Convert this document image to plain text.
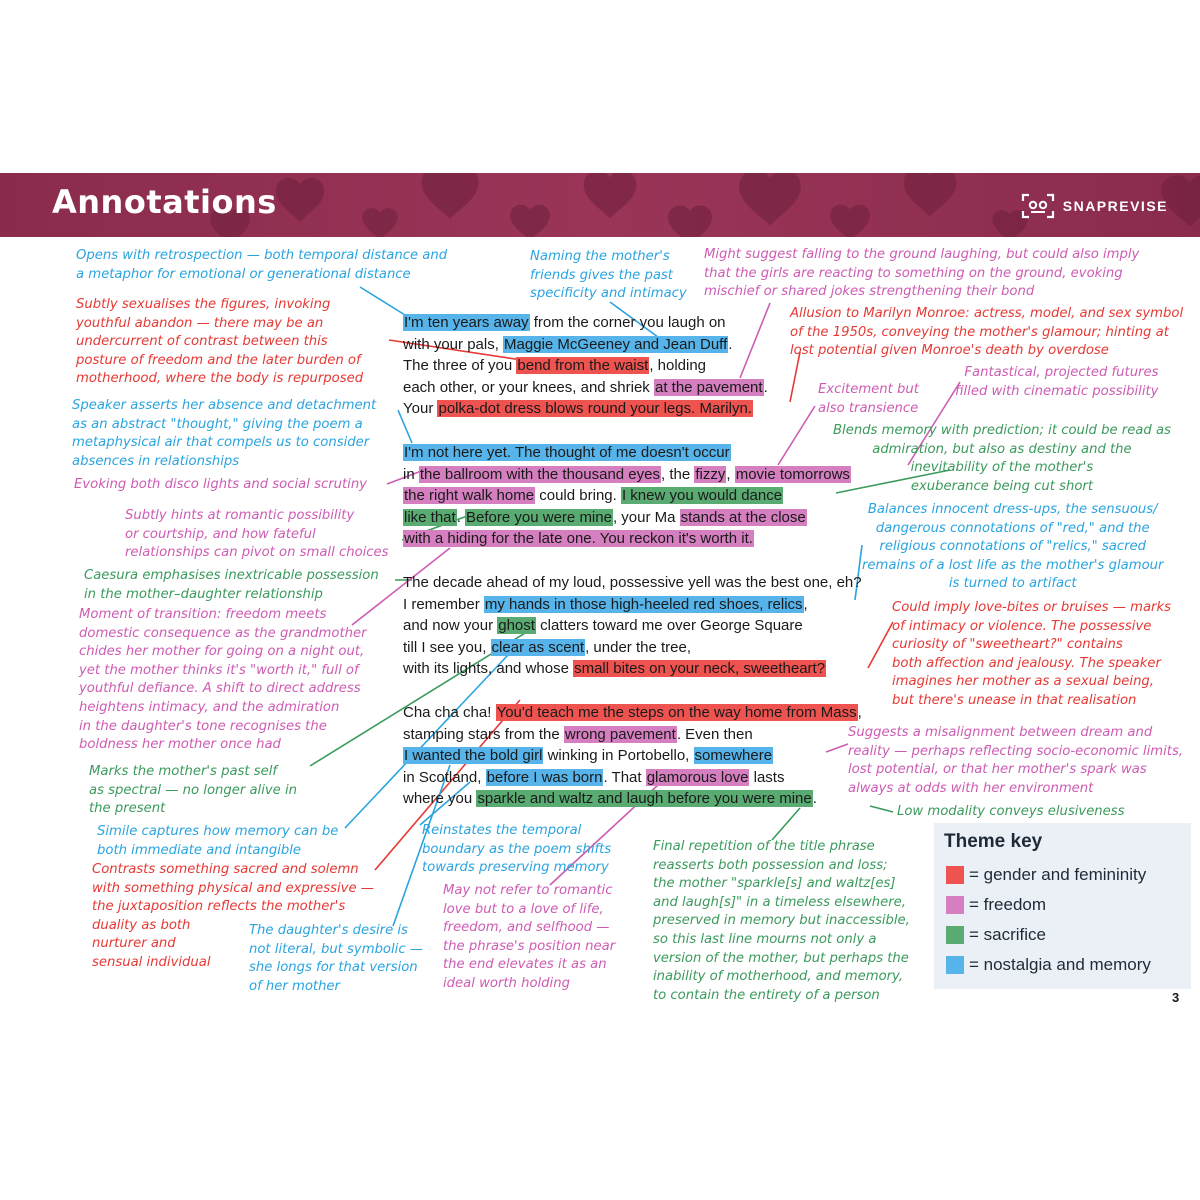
Annotations	SNAPREVISE
I'm ten years away from the corner you laugh on
with your pals, Maggie McGeeney and Jean Duff.
The three of you bend from the waist, holding
each other, or your knees, and shriek at the pavement.
Your polka-dot dress blows round your legs. Marilyn.
I'm not here yet. The thought of me doesn't occur
in the ballroom with the thousand eyes, the fizzy, movie tomorrows
the right walk home could bring. I knew you would dance
like that. Before you were mine, your Ma stands at the close
with a hiding for the late one. You reckon it's worth it.
The decade ahead of my loud, possessive yell was the best one, eh?
I remember my hands in those high-heeled red shoes, relics,
and now your ghost clatters toward me over George Square
till I see you, clear as scent, under the tree,
with its lights, and whose small bites on your neck, sweetheart?
Cha cha cha! You'd teach me the steps on the way home from Mass,
stamping stars from the wrong pavement. Even then
I wanted the bold girl winking in Portobello, somewhere
in Scotland, before I was born. That glamorous love lasts
where you sparkle and waltz and laugh before you were mine.
Opens with retrospection — both temporal distance and
a metaphor for emotional or generational distance
Subtly sexualises the figures, invoking
youthful abandon — there may be an
undercurrent of contrast between this
posture of freedom and the later burden of
motherhood, where the body is repurposed
Speaker asserts her absence and detachment
as an abstract "thought," giving the poem a
metaphysical air that compels us to consider
absences in relationships
Evoking both disco lights and social scrutiny
Subtly hints at romantic possibility
or courtship, and how fateful
relationships can pivot on small choices
Caesura emphasises inextricable possession
in the mother–daughter relationship
Moment of transition: freedom meets
domestic consequence as the grandmother
chides her mother for going on a night out,
yet the mother thinks it's "worth it," full of
youthful defiance. A shift to direct address
heightens intimacy, and the admiration
in the daughter's tone recognises the
boldness her mother once had
Marks the mother's past self
as spectral — no longer alive in
the present
Simile captures how memory can be
both immediate and intangible
Contrasts something sacred and solemn
with something physical and expressive —
the juxtaposition reflects the mother's
duality as both
nurturer and
sensual individual
The daughter's desire is
not literal, but symbolic —
she longs for that version
of her mother
Naming the mother's
friends gives the past
specificity and intimacy
Might suggest falling to the ground laughing, but could also imply
that the girls are reacting to something on the ground, evoking
mischief or shared jokes strengthening their bond
Allusion to Marilyn Monroe: actress, model, and sex symbol
of the 1950s, conveying the mother's glamour; hinting at
lost potential given Monroe's death by overdose
Excitement but
also transience
Fantastical, projected futures
filled with cinematic possibility
Blends memory with prediction; it could be read as
admiration, but also as destiny and the
inevitability of the mother's
exuberance being cut short
Balances innocent dress-ups, the sensuous/
dangerous connotations of "red," and the
religious connotations of "relics," sacred
remains of a lost life as the mother's glamour
is turned to artifact
Could imply love-bites or bruises — marks
of intimacy or violence. The possessive
curiosity of "sweetheart?" contains
both affection and jealousy. The speaker
imagines her mother as a sexual being,
but there's unease in that realisation
Suggests a misalignment between dream and
reality — perhaps reflecting socio-economic limits,
lost potential, or that her mother's spark was
always at odds with her environment
Low modality conveys elusiveness
Reinstates the temporal
boundary as the poem shifts
towards preserving memory
May not refer to romantic
love but to a love of life,
freedom, and selfhood —
the phrase's position near
the end elevates it as an
ideal worth holding
Final repetition of the title phrase
reasserts both possession and loss;
the mother "sparkle[s] and waltz[es]
and laugh[s]" in a timeless elsewhere,
preserved in memory but inaccessible,
so this last line mourns not only a
version of the mother, but perhaps the
inability of motherhood, and memory,
to contain the entirety of a person
Theme key
= gender and femininity
= freedom
= sacrifice
= nostalgia and memory
3
